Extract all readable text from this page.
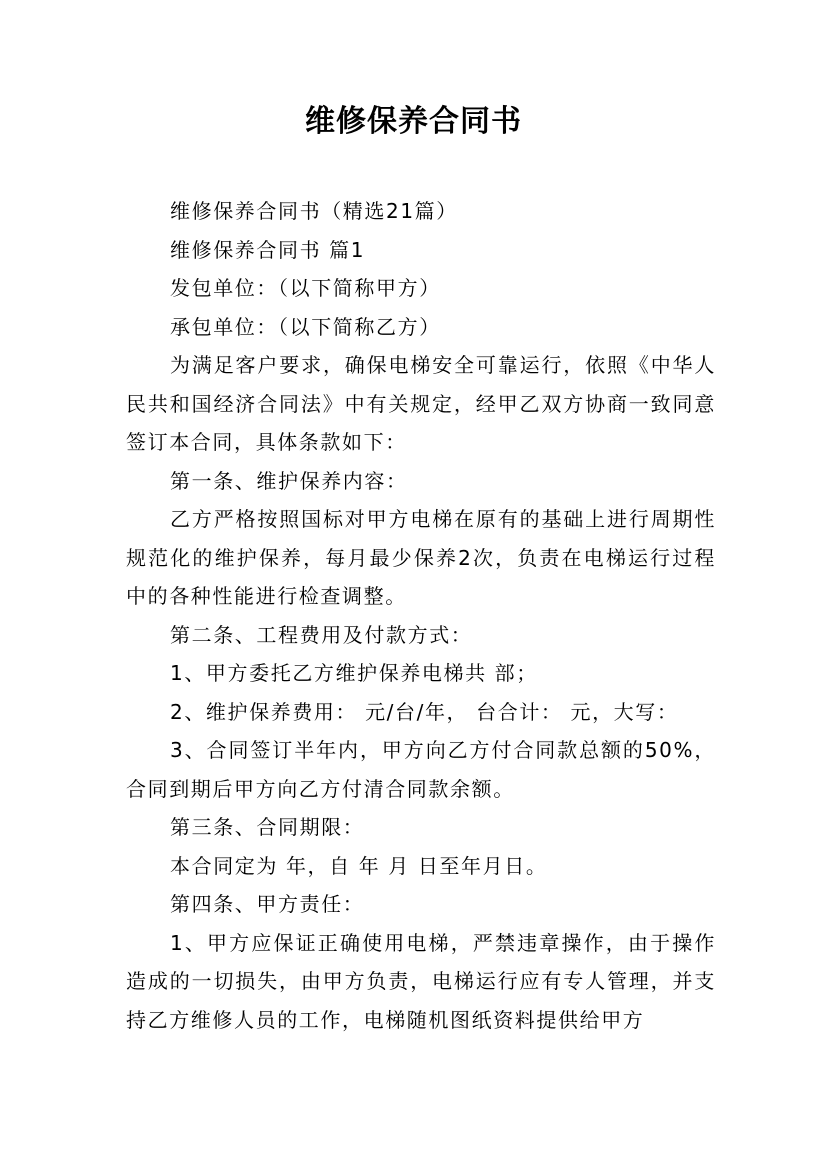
维修保养合同书

维修保养合同书（精选21篇）

维修保养合同书 篇1

发包单位：（以下简称甲方）

承包单位：（以下简称乙方）

为满足客户要求，确保电梯安全可靠运行，依照《中华人民共和国经济合同法》中有关规定，经甲乙双方协商一致同意签订本合同，具体条款如下：

第一条、维护保养内容：

乙方严格按照国标对甲方电梯在原有的基础上进行周期性规范化的维护保养，每月最少保养2次，负责在电梯运行过程中的各种性能进行检查调整。

第二条、工程费用及付款方式：

1、甲方委托乙方维护保养电梯共 部；

2、维护保养费用： 元/台/年， 台合计： 元，大写：

3、合同签订半年内，甲方向乙方付合同款总额的50%，合同到期后甲方向乙方付清合同款余额。

第三条、合同期限：

本合同定为 年，自 年 月 日至年月日。

第四条、甲方责任：

1、甲方应保证正确使用电梯，严禁违章操作，由于操作造成的一切损失，由甲方负责，电梯运行应有专人管理，并支持乙方维修人员的工作，电梯随机图纸资料提供给甲方
